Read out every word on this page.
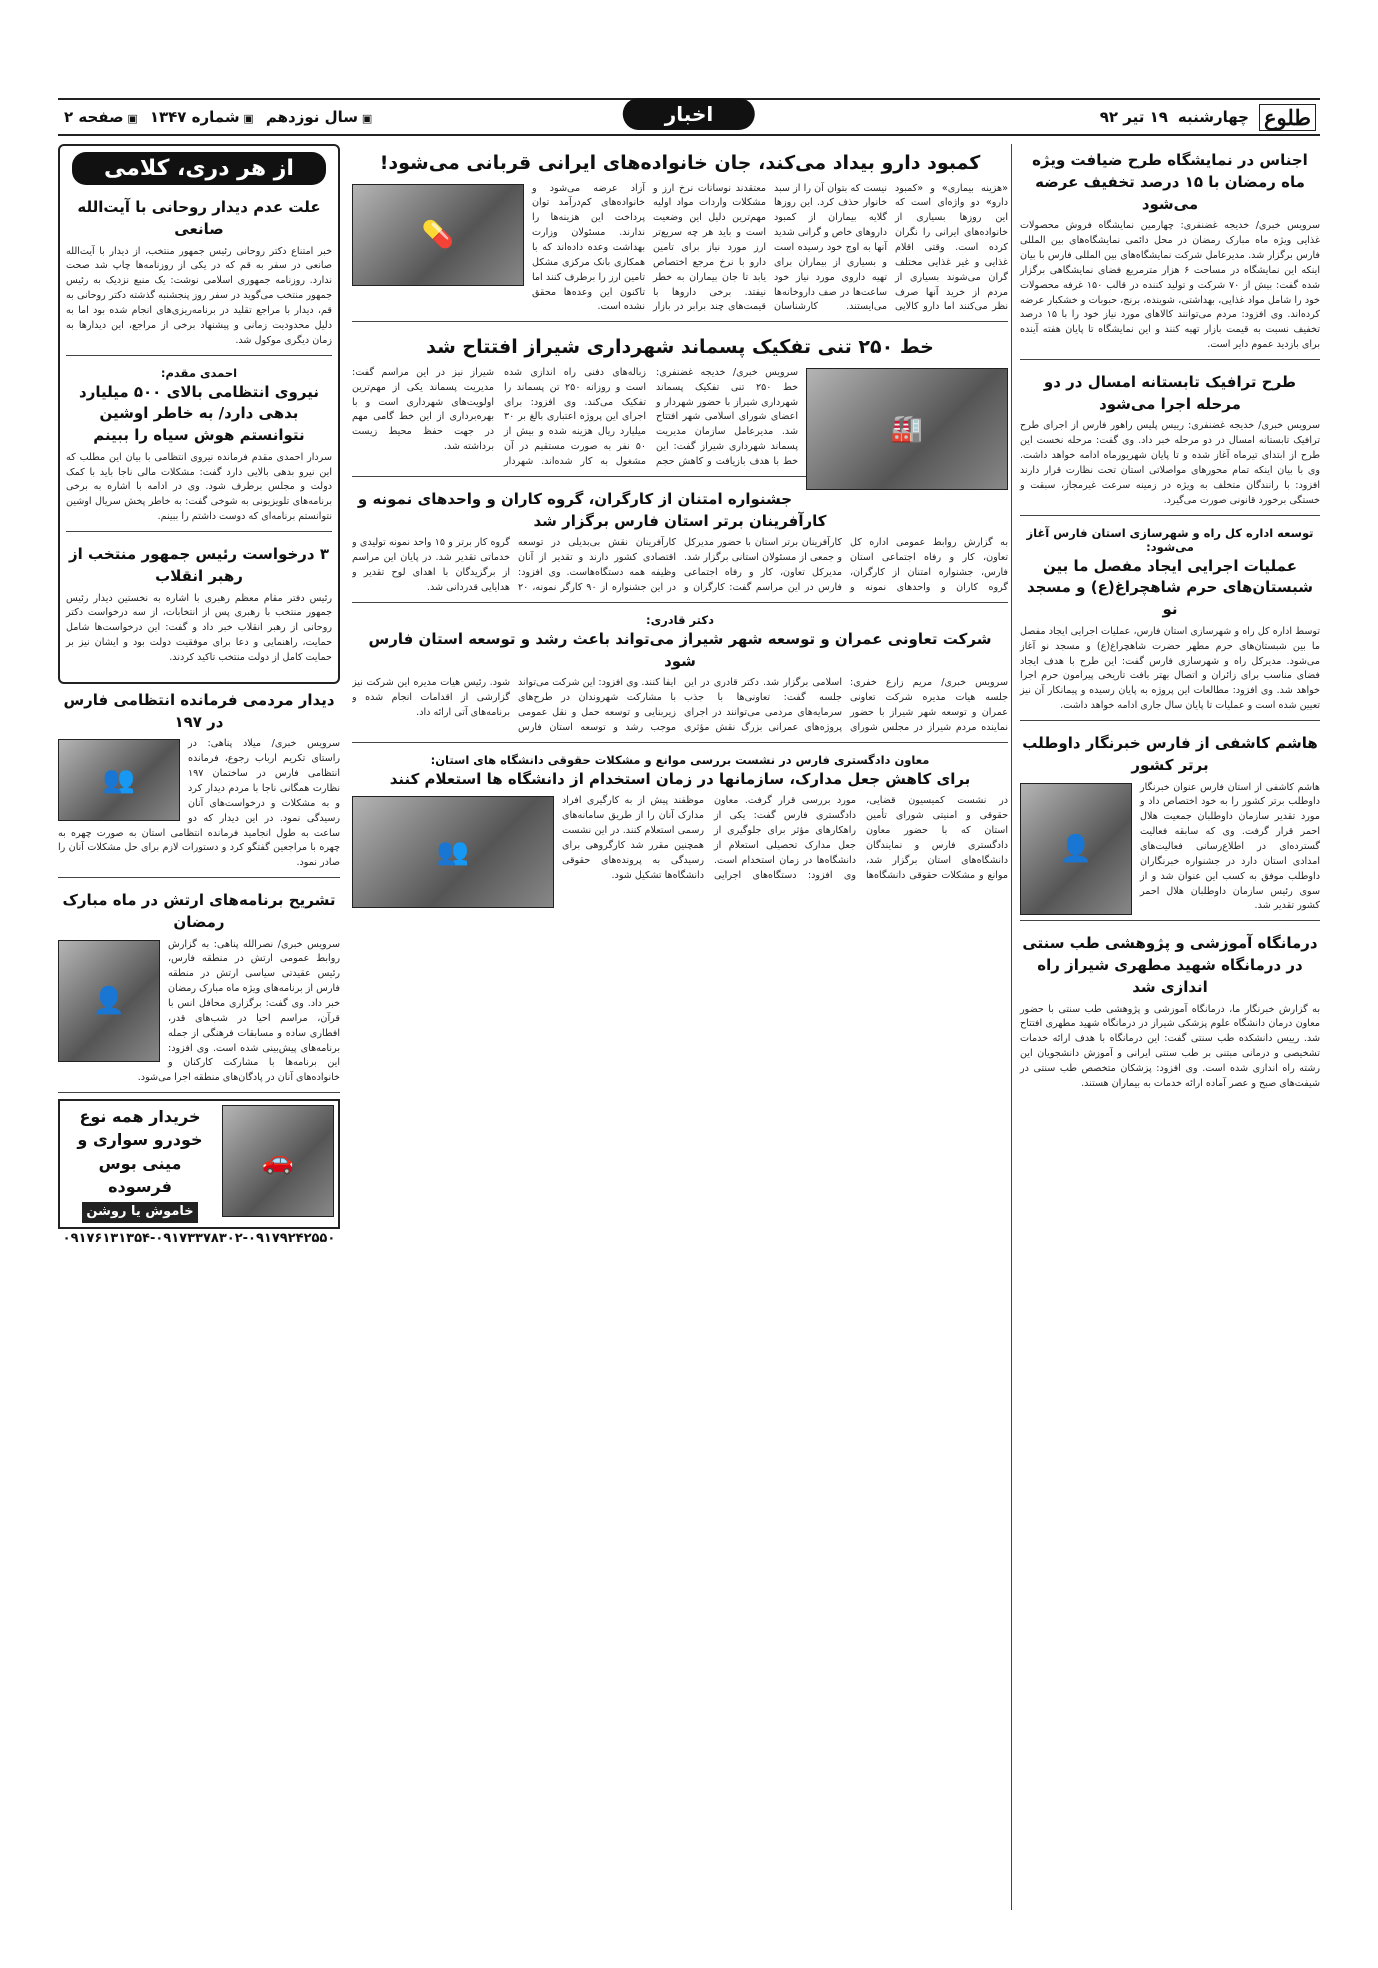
طلوع
چهارشنبه
۱۹ تیر ۹۲
اخبار
▣ سال نوزدهم
▣ شماره ۱۳۴۷
▣ صفحه ۲
اجناس در نمایشگاه طرح ضیافت ویژه ماه رمضان با ۱۵ درصد تخفیف عرضه می‌شود
سرویس خبری/ خدیجه غضنفری: چهارمین نمایشگاه فروش محصولات غذایی ویژه ماه مبارک رمضان در محل دائمی نمایشگاه‌های بین المللی فارس برگزار شد. مدیرعامل شرکت نمایشگاه‌های بین المللی فارس با بیان اینکه این نمایشگاه در مساحت ۶ هزار مترمربع فضای نمایشگاهی برگزار شده گفت: بیش از ۷۰ شرکت و تولید کننده در قالب ۱۵۰ غرفه محصولات خود را شامل مواد غذایی، بهداشتی، شوینده، برنج، حبوبات و خشکبار عرضه کرده‌اند. وی افزود: مردم می‌توانند کالاهای مورد نیاز خود را با ۱۵ درصد تخفیف نسبت به قیمت بازار تهیه کنند و این نمایشگاه تا پایان هفته آینده برای بازدید عموم دایر است.
طرح ترافیک تابستانه امسال در دو مرحله اجرا می‌شود
سرویس خبری/ خدیجه غضنفری: رییس پلیس راهور فارس از اجرای طرح ترافیک تابستانه امسال در دو مرحله خبر داد. وی گفت: مرحله نخست این طرح از ابتدای تیرماه آغاز شده و تا پایان شهریورماه ادامه خواهد داشت. وی با بیان اینکه تمام محورهای مواصلاتی استان تحت نظارت قرار دارند افزود: با رانندگان متخلف به ویژه در زمینه سرعت غیرمجاز، سبقت و خستگی برخورد قانونی صورت می‌گیرد.
توسعه اداره کل راه و شهرسازی استان فارس آغاز می‌شود:
عملیات اجرایی ایجاد مفصل ما بین شبستان‌های حرم شاهچراغ(ع) و مسجد نو
توسط اداره کل راه و شهرسازی استان فارس، عملیات اجرایی ایجاد مفصل ما بین شبستان‌های حرم مطهر حضرت شاهچراغ(ع) و مسجد نو آغاز می‌شود. مدیرکل راه و شهرسازی فارس گفت: این طرح با هدف ایجاد فضای مناسب برای زائران و اتصال بهتر بافت تاریخی پیرامون حرم اجرا خواهد شد. وی افزود: مطالعات این پروژه به پایان رسیده و پیمانکار آن نیز تعیین شده است و عملیات تا پایان سال جاری ادامه خواهد داشت.
هاشم کاشفی از فارس خبرنگار داوطلب برتر کشور
👤
هاشم کاشفی از استان فارس عنوان خبرنگار داوطلب برتر کشور را به خود اختصاص داد و مورد تقدیر سازمان داوطلبان جمعیت هلال احمر قرار گرفت. وی که سابقه فعالیت گسترده‌ای در اطلاع‌رسانی فعالیت‌های امدادی استان دارد در جشنواره خبرنگاران داوطلب موفق به کسب این عنوان شد و از سوی رئیس سازمان داوطلبان هلال احمر کشور تقدیر شد.
درمانگاه آموزشی و پژوهشی طب سنتی در درمانگاه شهید مطهری شیراز راه اندازی شد
به گزارش خبرنگار ما، درمانگاه آموزشی و پژوهشی طب سنتی با حضور معاون درمان دانشگاه علوم پزشکی شیراز در درمانگاه شهید مطهری افتتاح شد. رییس دانشکده طب سنتی گفت: این درمانگاه با هدف ارائه خدمات تشخیصی و درمانی مبتنی بر طب سنتی ایرانی و آموزش دانشجویان این رشته راه اندازی شده است. وی افزود: پزشکان متخصص طب سنتی در شیفت‌های صبح و عصر آماده ارائه خدمات به بیماران هستند.
کمبود دارو بیداد می‌کند، جان خانواده‌های ایرانی قربانی می‌شود!
💊
«هزینه بیماری» و «کمبود دارو» دو واژه‌ای است که این روزها بسیاری از خانواده‌های ایرانی را نگران کرده است. وقتی اقلام غذایی و غیر غذایی مختلف گران می‌شوند بسیاری از مردم از خرید آنها صرف نظر می‌کنند اما دارو کالایی نیست که بتوان آن را از سبد خانوار حذف کرد. این روزها گلایه بیماران از کمبود داروهای خاص و گرانی شدید آنها به اوج خود رسیده است و بسیاری از بیماران برای تهیه داروی مورد نیاز خود ساعت‌ها در صف داروخانه‌ها می‌ایستند. کارشناسان معتقدند نوسانات نرخ ارز و مشکلات واردات مواد اولیه مهم‌ترین دلیل این وضعیت است و باید هر چه سریع‌تر ارز مورد نیاز برای تامین دارو با نرخ مرجع اختصاص یابد تا جان بیماران به خطر نیفتد. برخی داروها با قیمت‌های چند برابر در بازار آزاد عرضه می‌شود و خانواده‌های کم‌درآمد توان پرداخت این هزینه‌ها را ندارند. مسئولان وزارت بهداشت وعده داده‌اند که با همکاری بانک مرکزی مشکل تامین ارز را برطرف کنند اما تاکنون این وعده‌ها محقق نشده است.
خط ۲۵۰ تنی تفکیک پسماند شهرداری شیراز افتتاح شد
🏭
سرویس خبری/ خدیجه غضنفری: خط ۲۵۰ تنی تفکیک پسماند شهرداری شیراز با حضور شهردار و اعضای شورای اسلامی شهر افتتاح شد. مدیرعامل سازمان مدیریت پسماند شهرداری شیراز گفت: این خط با هدف بازیافت و کاهش حجم زباله‌های دفنی راه اندازی شده است و روزانه ۲۵۰ تن پسماند را تفکیک می‌کند. وی افزود: برای اجرای این پروژه اعتباری بالغ بر ۳۰ میلیارد ریال هزینه شده و بیش از ۵۰ نفر به صورت مستقیم در آن مشغول به کار شده‌اند. شهردار شیراز نیز در این مراسم گفت: مدیریت پسماند یکی از مهم‌ترین اولویت‌های شهرداری است و با بهره‌برداری از این خط گامی مهم در جهت حفظ محیط زیست برداشته شد.
جشنواره امتنان از کارگران، گروه کاران و واحدهای نمونه و کارآفرینان برتر استان فارس برگزار شد
به گزارش روابط عمومی اداره کل تعاون، کار و رفاه اجتماعی استان فارس، جشنواره امتنان از کارگران، گروه کاران و واحدهای نمونه و کارآفرینان برتر استان با حضور مدیرکل و جمعی از مسئولان استانی برگزار شد. مدیرکل تعاون، کار و رفاه اجتماعی فارس در این مراسم گفت: کارگران و کارآفرینان نقش بی‌بدیلی در توسعه اقتصادی کشور دارند و تقدیر از آنان وظیفه همه دستگاه‌هاست. وی افزود: در این جشنواره از ۹۰ کارگر نمونه، ۲۰ گروه کار برتر و ۱۵ واحد نمونه تولیدی و خدماتی تقدیر شد. در پایان این مراسم از برگزیدگان با اهدای لوح تقدیر و هدایایی قدردانی شد.
دکتر قادری:
شرکت تعاونی عمران و توسعه شهر شیراز می‌تواند باعث رشد و توسعه استان فارس شود
سرویس خبری/ مریم زارع خفری: جلسه هیات مدیره شرکت تعاونی عمران و توسعه شهر شیراز با حضور نماینده مردم شیراز در مجلس شورای اسلامی برگزار شد. دکتر قادری در این جلسه گفت: تعاونی‌ها با جذب سرمایه‌های مردمی می‌توانند در اجرای پروژه‌های عمرانی بزرگ نقش مؤثری ایفا کنند. وی افزود: این شرکت می‌تواند با مشارکت شهروندان در طرح‌های زیربنایی و توسعه حمل و نقل عمومی موجب رشد و توسعه استان فارس شود. رئیس هیات مدیره این شرکت نیز گزارشی از اقدامات انجام شده و برنامه‌های آتی ارائه داد.
معاون دادگستری فارس در نشست بررسی موانع و مشکلات حقوقی دانشگاه های استان:
برای کاهش جعل مدارک، سازمانها در زمان استخدام از دانشگاه ها استعلام کنند
👥
در نشست کمیسیون قضایی، حقوقی و امنیتی شورای تأمین استان که با حضور معاون دادگستری فارس و نمایندگان دانشگاه‌های استان برگزار شد، موانع و مشکلات حقوقی دانشگاه‌ها مورد بررسی قرار گرفت. معاون دادگستری فارس گفت: یکی از راهکارهای مؤثر برای جلوگیری از جعل مدارک تحصیلی استعلام از دانشگاه‌ها در زمان استخدام است. وی افزود: دستگاه‌های اجرایی موظفند پیش از به کارگیری افراد مدارک آنان را از طریق سامانه‌های رسمی استعلام کنند. در این نشست همچنین مقرر شد کارگروهی برای رسیدگی به پرونده‌های حقوقی دانشگاه‌ها تشکیل شود.
از هر دری، کلامی
علت عدم دیدار روحانی با آیت‌الله صانعی
خبر امتناع دکتر روحانی رئیس جمهور منتخب، از دیدار با آیت‌الله صانعی در سفر به قم که در یکی از روزنامه‌ها چاپ شد صحت ندارد. روزنامه جمهوری اسلامی نوشت: یک منبع نزدیک به رئیس جمهور منتخب می‌گوید در سفر روز پنجشنبه گذشته دکتر روحانی به قم، دیدار با مراجع تقلید در برنامه‌ریزی‌های انجام شده بود اما به دلیل محدودیت زمانی و پیشنهاد برخی از مراجع، این دیدارها به زمان دیگری موکول شد.
احمدی مقدم:
نیروی انتظامی بالای ۵۰۰ میلیارد بدهی دارد/ به خاطر اوشین نتوانستم هوش سیاه را ببینم
سردار احمدی مقدم فرمانده نیروی انتظامی با بیان این مطلب که این نیرو بدهی بالایی دارد گفت: مشکلات مالی ناجا باید با کمک دولت و مجلس برطرف شود. وی در ادامه با اشاره به برخی برنامه‌های تلویزیونی به شوخی گفت: به خاطر پخش سریال اوشین نتوانستم برنامه‌ای که دوست داشتم را ببینم.
۳ درخواست رئیس جمهور منتخب از رهبر انقلاب
رئیس دفتر مقام معظم رهبری با اشاره به نخستین دیدار رئیس جمهور منتخب با رهبری پس از انتخابات، از سه درخواست دکتر روحانی از رهبر انقلاب خبر داد و گفت: این درخواست‌ها شامل حمایت، راهنمایی و دعا برای موفقیت دولت بود و ایشان نیز بر حمایت کامل از دولت منتخب تاکید کردند.
دیدار مردمی فرمانده انتظامی فارس در ۱۹۷
👥
سرویس خبری/ میلاد پناهی: در راستای تکریم ارباب رجوع، فرمانده انتظامی فارس در ساختمان ۱۹۷ نظارت همگانی ناجا با مردم دیدار کرد و به مشکلات و درخواست‌های آنان رسیدگی نمود. در این دیدار که دو ساعت به طول انجامید فرمانده انتظامی استان به صورت چهره به چهره با مراجعین گفتگو کرد و دستورات لازم برای حل مشکلات آنان را صادر نمود.
تشریح برنامه‌های ارتش در ماه مبارک رمضان
👤
سرویس خبری/ نصرالله پناهی: به گزارش روابط عمومی ارتش در منطقه فارس، رئیس عقیدتی سیاسی ارتش در منطقه فارس از برنامه‌های ویژه ماه مبارک رمضان خبر داد. وی گفت: برگزاری محافل انس با قرآن، مراسم احیا در شب‌های قدر، افطاری ساده و مسابقات فرهنگی از جمله برنامه‌های پیش‌بینی شده است. وی افزود: این برنامه‌ها با مشارکت کارکنان و خانواده‌های آنان در پادگان‌های منطقه اجرا می‌شود.
🚗
خریدار همه نوع
خودرو سواری و
مینی بوس فرسوده
خاموش یا روشن
۰۹۱۷۶۱۳۱۳۵۴-۰۹۱۷۳۳۷۸۳۰۲-۰۹۱۷۹۲۴۲۵۵۰
